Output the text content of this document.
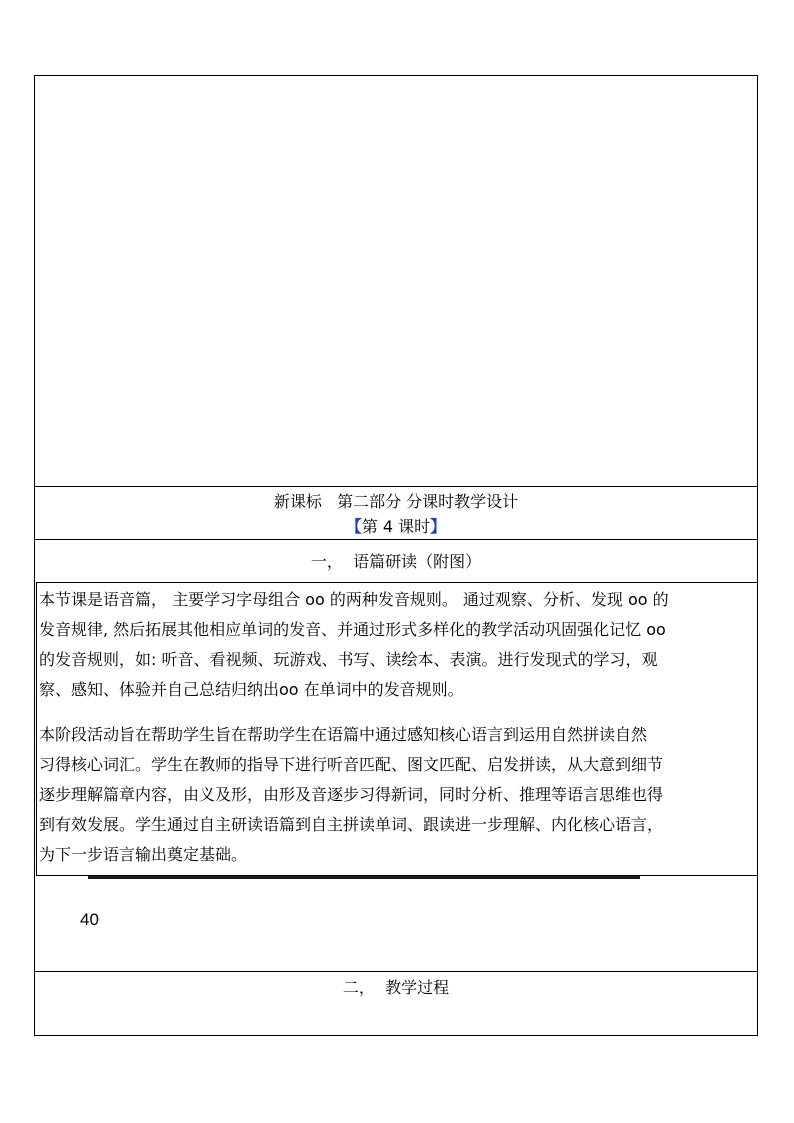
新课标   第二部分 分课时教学设计
【第 4 课时】
一，  语篇研读（附图）
本节课是语音篇， 主要学习字母组合 oo 的两种发音规则。 通过观察、分析、发现 oo 的
发音规律, 然后拓展其他相应单词的发音、并通过形式多样化的教学活动巩固强化记忆 oo
的发音规则，如: 听音、看视频、玩游戏、书写、读绘本、表演。进行发现式的学习，观
察、感知、体验并自己总结归纳出oo 在单词中的发音规则。
本阶段活动旨在帮助学生旨在帮助学生在语篇中通过感知核心语言到运用自然拼读自然
习得核心词汇。学生在教师的指导下进行听音匹配、图文匹配、启发拼读，从大意到细节
逐步理解篇章内容，由义及形，由形及音逐步习得新词，同时分析、推理等语言思维也得
到有效发展。学生通过自主研读语篇到自主拼读单词、跟读进一步理解、内化核心语言，
为下一步语言输出奠定基础。
40
二，  教学过程
